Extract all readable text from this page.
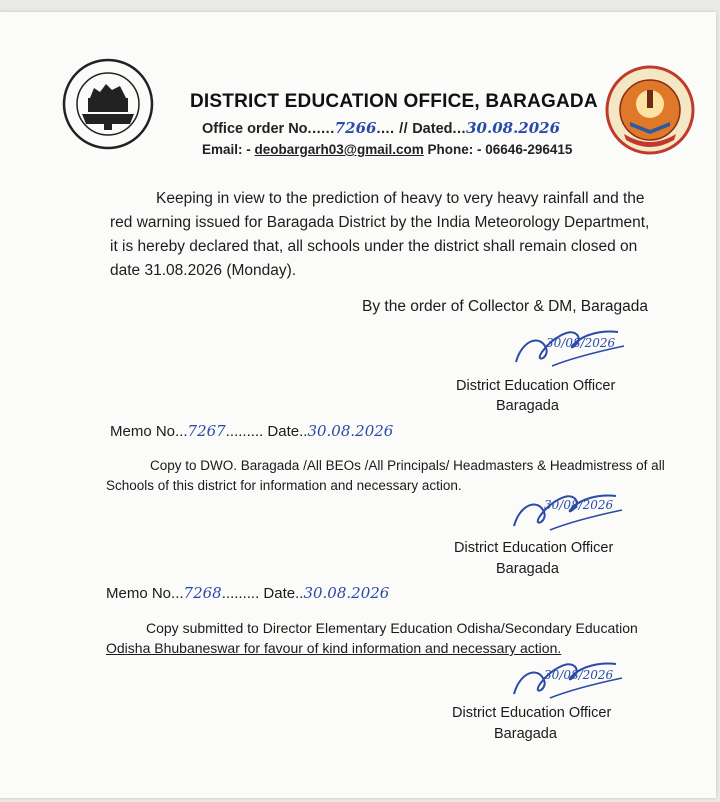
DISTRICT EDUCATION OFFICE, BARAGADA
Office order No......7266.... // Dated...30.08.2026
Email: - deobargarh03@gmail.com Phone: - 06646-296415

Keeping in view to the prediction of heavy to very heavy rainfall and the

red warning issued for Baragada District by the India Meteorology Department,

it is hereby declared that, all schools under the district shall remain closed on

date 31.08.2026 (Monday).

By the order of Collector & DM, Baragada
30/08/2026
District Education Officer
Baragada
Memo No...7267......... Date..30.08.2026

Copy to DWO. Baragada /All BEOs /All Principals/ Headmasters & Headmistress of all

Schools of this district for information and necessary action.

30/08/2026
District Education Officer
Baragada
Memo No...7268......... Date..30.08.2026

Copy submitted to Director Elementary Education Odisha/Secondary Education

Odisha Bhubaneswar for favour of kind information and necessary action.

30/08/2026
District Education Officer
Baragada
